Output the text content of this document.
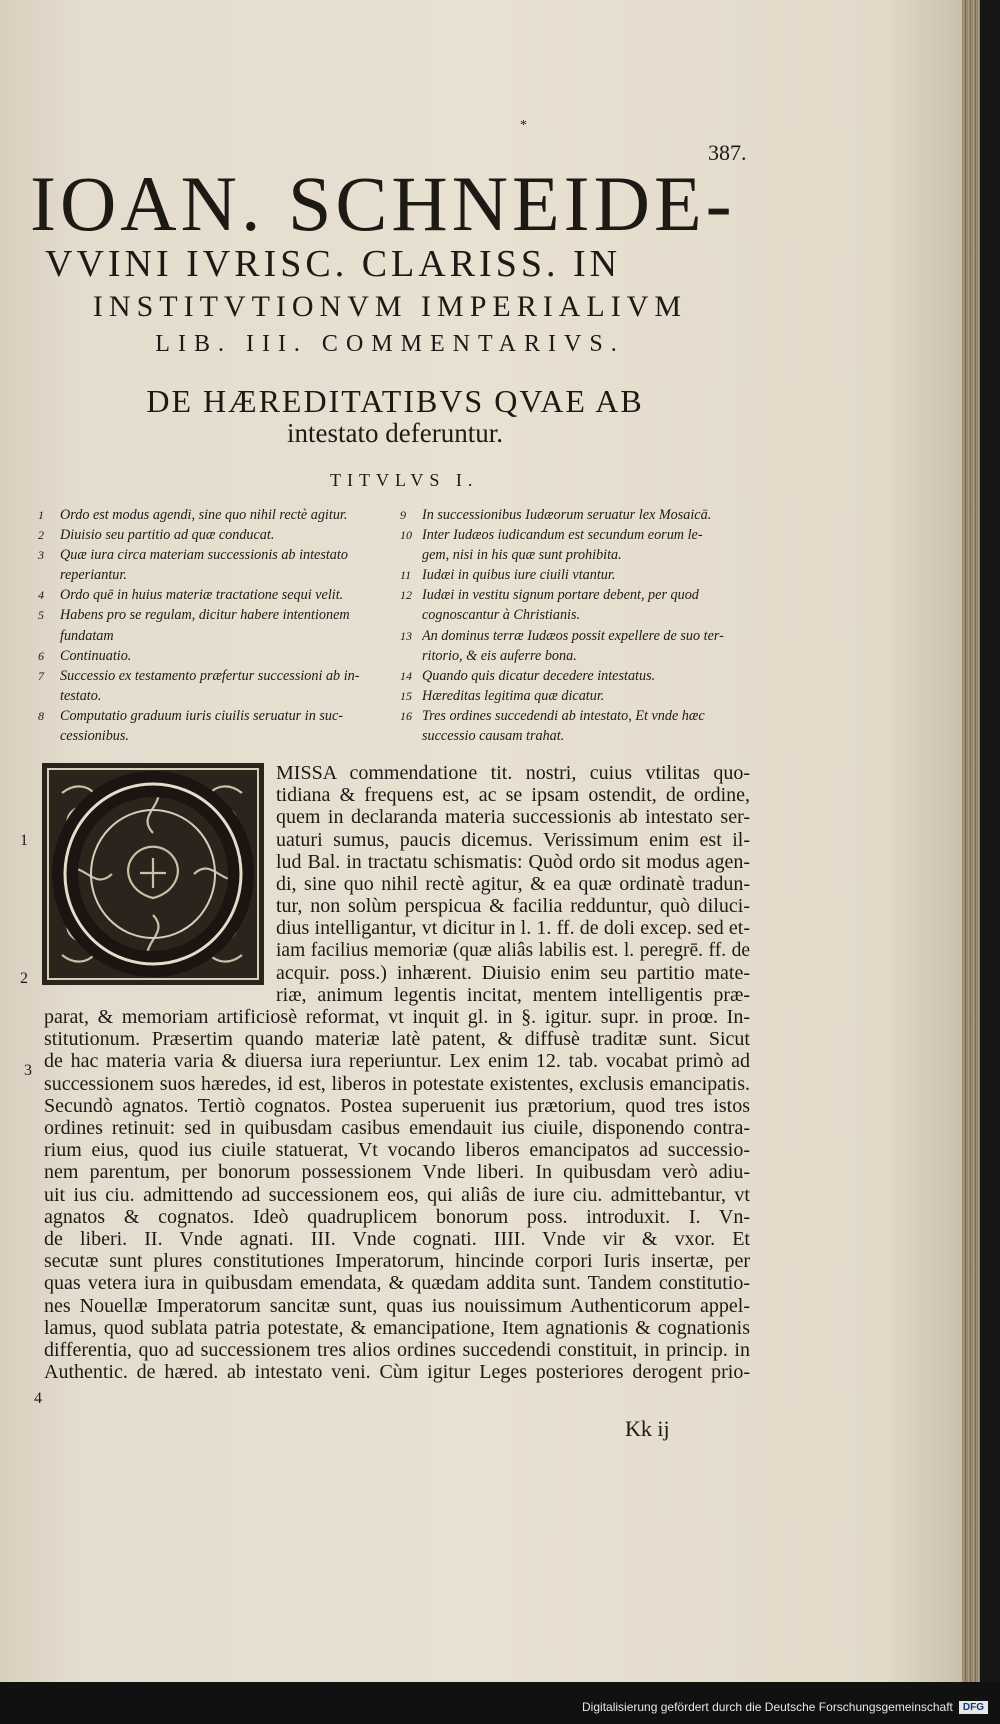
*
387.
IOAN. SCHNEIDE-
VVINI IVRISC. CLARISS. IN
INSTITVTIONVM IMPERIALIVM
LIB. III. COMMENTARIVS.
DE HÆREDITATIBVS QVAE AB
intestato deferuntur.
TITVLVS I.
1	Ordo est modus agendi, sine quo nihil rectè agitur.
2	Diuisio seu partitio ad quæ conducat.
3	Quæ iura circa materiam successionis ab intestato
reperiantur.
4	Ordo quē in huius materiæ tractatione sequi velit.
5	Habens pro se regulam, dicitur habere intentionem
fundatam
6	Continuatio.
7	Successio ex testamento præfertur successioni ab in-
testato.
8	Computatio graduum iuris ciuilis seruatur in suc-
cessionibus.
9	In successionibus Iudæorum seruatur lex Mosaicā.
10 Inter Iudæos iudicandum est secundum eorum le-
gem, nisi in his quæ sunt prohibita.
11 Iudæi in quibus iure ciuili vtantur.
12 Iudæi in vestitu signum portare debent, per quod
cognoscantur à Christianis.
13 An dominus terræ Iudæos possit expellere de suo ter-
ritorio, & eis auferre bona.
14 Quando quis dicatur decedere intestatus.
15 Hæreditas legitima quæ dicatur.
16 Tres ordines succedendi ab intestato, Et vnde hæc
successio causam trahat.
1
2
3
4
MISSA commendatione tit. nostri, cuius vtilitas quo-
tidiana & frequens est, ac se ipsam ostendit, de ordine,
quem in declaranda materia successionis ab intestato ser-
uaturi sumus, paucis dicemus. Verissimum enim est il-
lud Bal. in tractatu schismatis: Quòd ordo sit modus agen-
di, sine quo nihil rectè agitur, & ea quæ ordinatè tradun-
tur, non solùm perspicua & facilia redduntur, quò diluci-
dius intelligantur, vt dicitur in l. 1. ff. de doli excep. sed et-
iam facilius memoriæ (quæ aliâs labilis est. l. peregrē. ff. de
acquir. poss.) inhærent. Diuisio enim seu partitio mate-
riæ, animum legentis incitat, mentem intelligentis præ-
parat, & memoriam artificiosè reformat, vt inquit gl. in §. igitur. supr. in proœ. In-
stitutionum. Præsertim quando materiæ latè patent, & diffusè traditæ sunt. Sicut
de hac materia varia & diuersa iura reperiuntur. Lex enim 12. tab. vocabat primò ad
successionem suos hæredes, id est, liberos in potestate existentes, exclusis emancipatis.
Secundò agnatos. Tertiò cognatos. Postea superuenit ius prætorium, quod tres istos
ordines retinuit: sed in quibusdam casibus emendauit ius ciuile, disponendo contra-
rium eius, quod ius ciuile statuerat, Vt vocando liberos emancipatos ad successio-
nem parentum, per bonorum possessionem Vnde liberi. In quibusdam verò adiu-
uit ius ciu. admittendo ad successionem eos, qui aliâs de iure ciu. admittebantur, vt
agnatos & cognatos. Ideò quadruplicem bonorum poss. introduxit. I. Vn-
de liberi. II. Vnde agnati. III. Vnde cognati. IIII. Vnde vir & vxor. Et
secutæ sunt plures constitutiones Imperatorum, hincinde corpori Iuris insertæ, per
quas vetera iura in quibusdam emendata, & quædam addita sunt. Tandem constitutio-
nes Nouellæ Imperatorum sancitæ sunt, quas ius nouissimum Authenticorum appel-
lamus, quod sublata patria potestate, & emancipatione, Item agnationis & cognationis
differentia, quo ad successionem tres alios ordines succedendi constituit, in princip. in
Authentic. de hæred. ab intestato veni. Cùm igitur Leges posteriores derogent prio-
Kk ij
Digitalisierung gefördert durch die Deutsche Forschungsgemeinschaft	DFG
